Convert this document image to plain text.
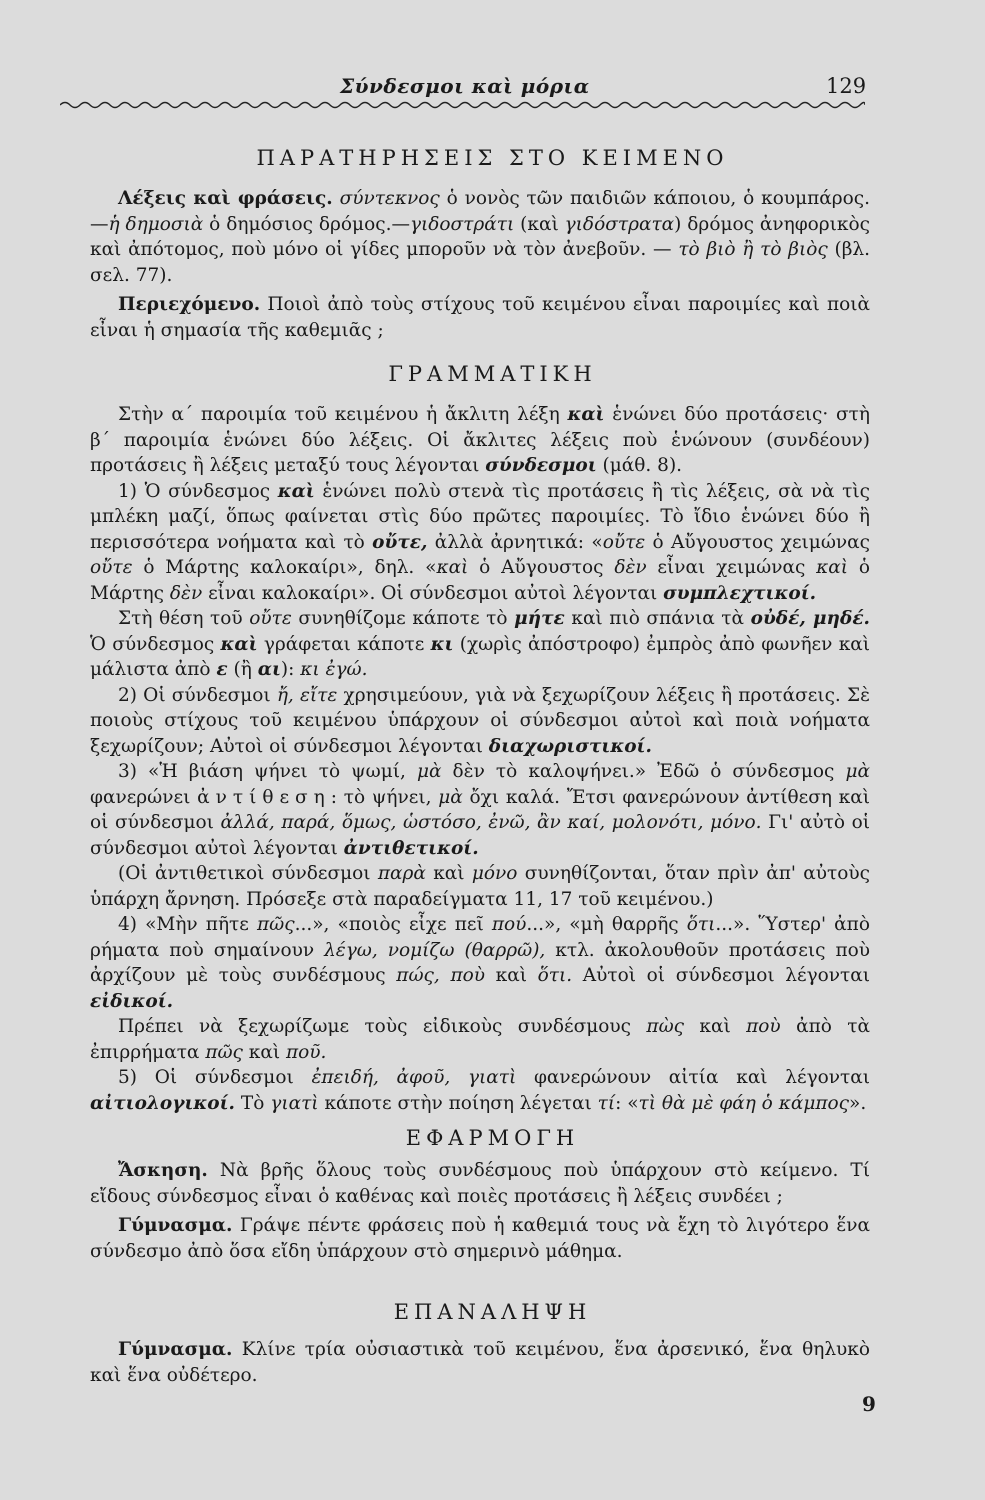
Σύνδεσμοι καὶ μόρια	129
ΠΑΡΑΤΗΡΗΣΕΙΣ ΣΤΟ ΚΕΙΜΕΝΟ

Λέξεις καὶ φράσεις. σύντεκνος ὁ νονὸς τῶν παιδιῶν κάποιου, ὁ κουμπάρος.—ἡ δημοσιὰ ὁ δημόσιος δρόμος.—γιδοστράτι (καὶ γιδόστρατα) δρόμος ἀνηφορικὸς καὶ ἀπότομος, ποὺ μόνο οἱ γίδες μποροῦν νὰ τὸν ἀνεβοῦν. — τὸ βιὸ ἢ τὸ βιὸς (βλ. σελ. 77).

Περιεχόμενο. Ποιοὶ ἀπὸ τοὺς στίχους τοῦ κειμένου εἶναι παροιμίες καὶ ποιὰ εἶναι ἡ σημασία τῆς καθεμιᾶς ;

ΓΡΑΜΜΑΤΙΚΗ

Στὴν α΄ παροιμία τοῦ κειμένου ἡ ἄκλιτη λέξη καὶ ἑνώνει δύο προτάσεις· στὴ β΄ παροιμία ἑνώνει δύο λέξεις. Οἱ ἄκλιτες λέξεις ποὺ ἑνώνουν (συνδέουν) προτάσεις ἢ λέξεις μεταξύ τους λέγονται σύνδεσμοι (μάθ. 8).

1) Ὁ σύνδεσμος καὶ ἑνώνει πολὺ στενὰ τὶς προτάσεις ἢ τὶς λέξεις, σὰ νὰ τὶς μπλέκη μαζί, ὅπως φαίνεται στὶς δύο πρῶτες παροιμίες. Τὸ ἴδιο ἑνώνει δύο ἢ περισσότερα νοήματα καὶ τὸ οὔτε, ἀλλὰ ἀρνητικά: «οὔτε ὁ Αὔγουστος χειμώνας οὔτε ὁ Μάρτης καλοκαίρι», δηλ. «καὶ ὁ Αὔγουστος δὲν εἶναι χειμώνας καὶ ὁ Μάρτης δὲν εἶναι καλοκαίρι». Οἱ σύνδεσμοι αὐτοὶ λέγονται συμπλεχτικοί.

Στὴ θέση τοῦ οὔτε συνηθίζομε κάποτε τὸ μήτε καὶ πιὸ σπάνια τὰ οὐδέ, μηδέ. Ὁ σύνδεσμος καὶ γράφεται κάποτε κι (χωρὶς ἀπόστροφο) ἐμπρὸς ἀπὸ φωνῆεν καὶ μάλιστα ἀπὸ ε (ἢ αι): κι ἐγώ.

2) Οἱ σύνδεσμοι ἤ, εἴτε χρησιμεύουν, γιὰ νὰ ξεχωρίζουν λέξεις ἢ προτάσεις. Σὲ ποιοὺς στίχους τοῦ κειμένου ὑπάρχουν οἱ σύνδεσμοι αὐτοὶ καὶ ποιὰ νοήματα ξεχωρίζουν; Αὐτοὶ οἱ σύνδεσμοι λέγονται διαχωριστικοί.

3) «Ἡ βιάση ψήνει τὸ ψωμί, μὰ δὲν τὸ καλοψήνει.» Ἐδῶ ὁ σύνδεσμος μὰ φανερώνει ἀντίθεση: τὸ ψήνει, μὰ ὄχι καλά. Ἔτσι φανερώνουν ἀντίθεση καὶ οἱ σύνδεσμοι ἀλλά, παρά, ὅμως, ὡστόσο, ἐνῶ, ἂν καί, μολονότι, μόνο. Γι' αὐτὸ οἱ σύνδεσμοι αὐτοὶ λέγονται ἀντιθετικοί.

(Οἱ ἀντιθετικοὶ σύνδεσμοι παρὰ καὶ μόνο συνηθίζονται, ὅταν πρὶν ἀπ' αὐτοὺς ὑπάρχη ἄρνηση. Πρόσεξε στὰ παραδείγματα 11, 17 τοῦ κειμένου.)

4) «Μὴν πῆτε πῶς...», «ποιὸς εἶχε πεῖ πού...», «μὴ θαρρῆς ὅτι...». Ὕστερ' ἀπὸ ρήματα ποὺ σημαίνουν λέγω, νομίζω (θαρρῶ), κτλ. ἀκολουθοῦν προτάσεις ποὺ ἀρχίζουν μὲ τοὺς συνδέσμους πώς, ποὺ καὶ ὅτι. Αὐτοὶ οἱ σύνδεσμοι λέγονται εἰδικοί.

Πρέπει νὰ ξεχωρίζωμε τοὺς εἰδικοὺς συνδέσμους πὼς καὶ ποὺ ἀπὸ τὰ ἐπιρρήματα πῶς καὶ ποῦ.

5) Οἱ σύνδεσμοι ἐπειδή, ἀφοῦ, γιατὶ φανερώνουν αἰτία καὶ λέγονται αἰτιολογικοί. Τὸ γιατὶ κάποτε στὴν ποίηση λέγεται τί: «τὶ θὰ μὲ φάη ὁ κάμπος».

ΕΦΑΡΜΟΓΗ

Ἄσκηση. Νὰ βρῆς ὅλους τοὺς συνδέσμους ποὺ ὑπάρχουν στὸ κείμενο. Τί εἴδους σύνδεσμος εἶναι ὁ καθένας καὶ ποιὲς προτάσεις ἢ λέξεις συνδέει ;

Γύμνασμα. Γράψε πέντε φράσεις ποὺ ἡ καθεμιά τους νὰ ἔχη τὸ λιγότερο ἕνα σύνδεσμο ἀπὸ ὅσα εἴδη ὑπάρχουν στὸ σημερινὸ μάθημα.

ΕΠΑΝΑΛΗΨΗ

Γύμνασμα. Κλίνε τρία οὐσιαστικὰ τοῦ κειμένου, ἕνα ἀρσενικό, ἕνα θηλυκὸ καὶ ἕνα οὐδέτερο.

9
